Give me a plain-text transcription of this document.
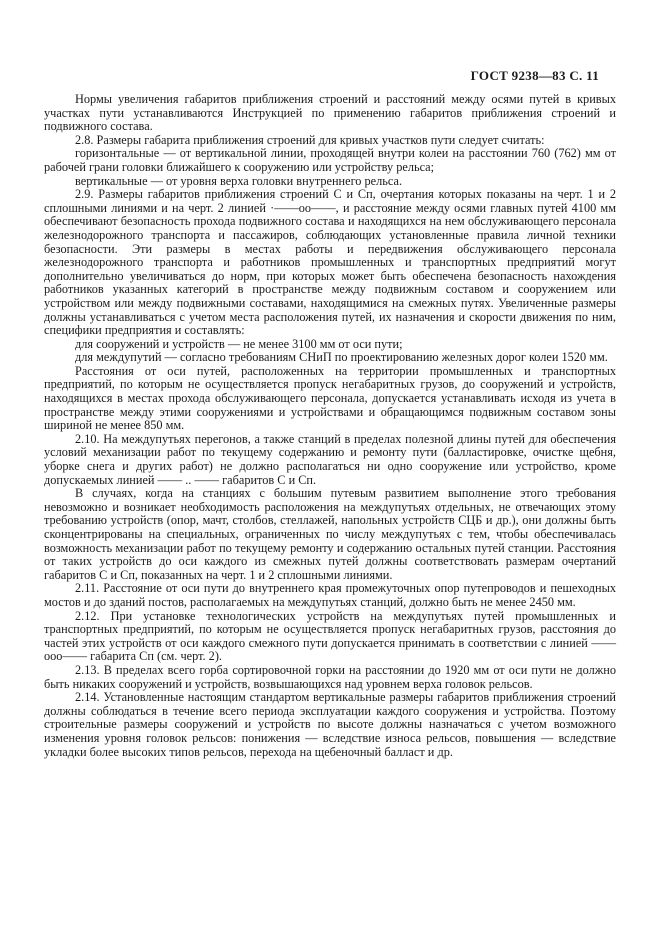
ГОСТ 9238—83 С. 11

Нормы увеличения габаритов приближения строений и расстояний между осями путей в кривых участках пути устанавливаются Инструкцией по применению габаритов приближения строений и подвижного состава.

2.8. Размеры габарита приближения строений для кривых участков пути следует считать:

горизонтальные — от вертикальной линии, проходящей внутри колеи на расстоянии 760 (762) мм от рабочей грани головки ближайшего к сооружению или устройству рельса;

вертикальные — от уровня верха головки внутреннего рельса.

2.9. Размеры габаритов приближения строений С и Сп, очертания которых показаны на черт. 1 и 2 сплошными линиями и на черт. 2 линией ·——оо——, и расстояние между осями главных путей 4100 мм обеспечивают безопасность прохода подвижного состава и находящихся на нем обслуживающего персонала железнодорожного транспорта и пассажиров, соблюдающих установленные правила личной техники безопасности. Эти размеры в местах работы и передвижения обслуживающего персонала железнодорожного транспорта и работников промышленных и транспортных предприятий могут дополнительно увеличиваться до норм, при которых может быть обеспечена безопасность нахождения работников указанных категорий в пространстве между подвижным составом и сооружением или устройством или между подвижными составами, находящимися на смежных путях. Увеличенные размеры должны устанавливаться с учетом места расположения путей, их назначения и скорости движения по ним, специфики предприятия и составлять:

для сооружений и устройств — не менее 3100 мм от оси пути;

для междупутий — согласно требованиям СНиП по проектированию железных дорог колеи 1520 мм.

Расстояния от оси путей, расположенных на территории промышленных и транспортных предприятий, по которым не осуществляется пропуск негабаритных грузов, до сооружений и устройств, находящихся в местах прохода обслуживающего персонала, допускается устанавливать исходя из учета в пространстве между этими сооружениями и устройствами и обращающимся подвижным составом зоны шириной не менее 850 мм.

2.10. На междупутьях перегонов, а также станций в пределах полезной длины путей для обеспечения условий механизации работ по текущему содержанию и ремонту пути (балластировке, очистке щебня, уборке снега и других работ) не должно располагаться ни одно сооружение или устройство, кроме допускаемых линией —— .. —— габаритов С и Сп.

В случаях, когда на станциях с большим путевым развитием выполнение этого требования невозможно и возникает необходимость расположения на междупутьях отдельных, не отвечающих этому требованию устройств (опор, мачт, столбов, стеллажей, напольных устройств СЦБ и др.), они должны быть сконцентрированы на специальных, ограниченных по числу междупутьях с тем, чтобы обеспечивалась возможность механизации работ по текущему ремонту и содержанию остальных путей станции. Расстояния от таких устройств до оси каждого из смежных путей должны соответствовать размерам очертаний габаритов С и Сп, показанных на черт. 1 и 2 сплошными линиями.

2.11. Расстояние от оси пути до внутреннего края промежуточных опор путепроводов и пешеходных мостов и до зданий постов, располагаемых на междупутьях станций, должно быть не менее 2450 мм.

2.12. При установке технологических устройств на междупутьях путей промышленных и транспортных предприятий, по которым не осуществляется пропуск негабаритных грузов, расстояния до частей этих устройств от оси каждого смежного пути допускается принимать в соответствии с линией ——ооо—— габарита Сп (см. черт. 2).

2.13. В пределах всего горба сортировочной горки на расстоянии до 1920 мм от оси пути не должно быть никаких сооружений и устройств, возвышающихся над уровнем верха головок рельсов.

2.14. Установленные настоящим стандартом вертикальные размеры габаритов приближения строений должны соблюдаться в течение всего периода эксплуатации каждого сооружения и устройства. Поэтому строительные размеры сооружений и устройств по высоте должны назначаться с учетом возможного изменения уровня головок рельсов: понижения — вследствие износа рельсов, повышения — вследствие укладки более высоких типов рельсов, перехода на щебеночный балласт и др.
